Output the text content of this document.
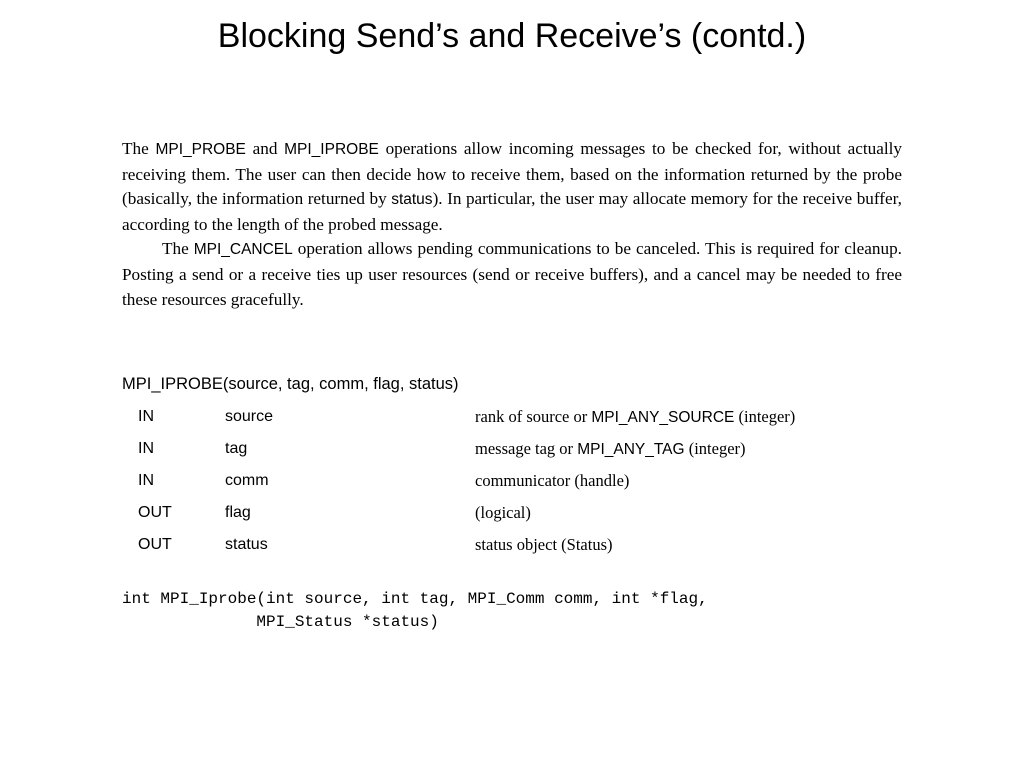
Blocking Send’s and Receive’s (contd.)

The MPI_PROBE and MPI_IPROBE operations allow incoming messages to be checked for, without actually receiving them. The user can then decide how to receive them, based on the information returned by the probe (basically, the information returned by status). In particular, the user may allocate memory for the receive buffer, according to the length of the probed message.

The MPI_CANCEL operation allows pending communications to be canceled. This is required for cleanup. Posting a send or a receive ties up user resources (send or receive buffers), and a cancel may be needed to free these resources gracefully.

MPI_IPROBE(source, tag, comm, flag, status)
IN	source	rank of source or MPI_ANY_SOURCE (integer)
IN	tag	message tag or MPI_ANY_TAG (integer)
IN	comm	communicator (handle)
OUT	flag	(logical)
OUT	status	status object (Status)
int MPI_Iprobe(int source, int tag, MPI_Comm comm, int *flag,
MPI_Status *status)
